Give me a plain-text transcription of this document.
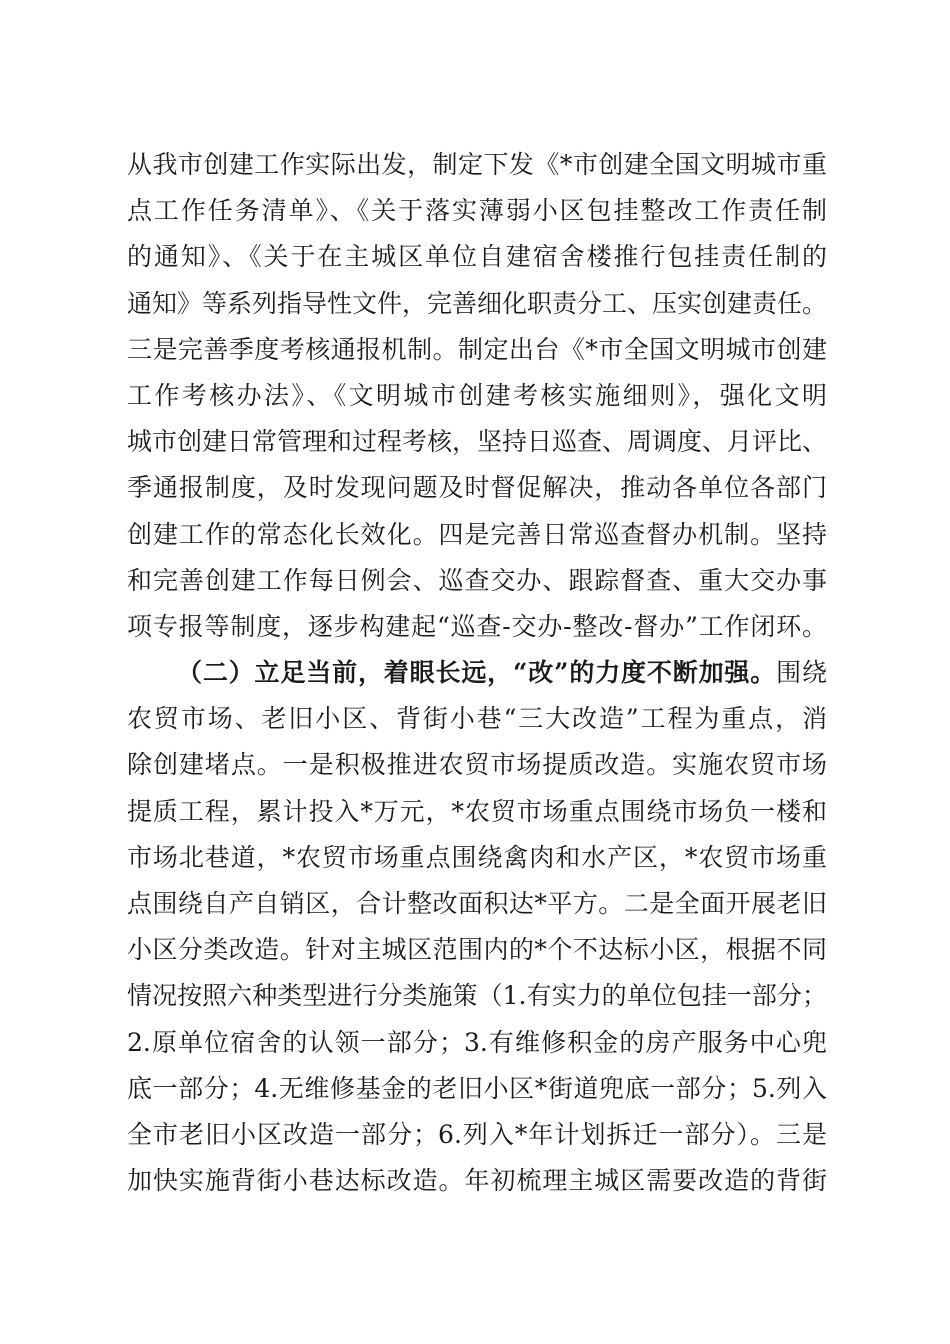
从我市创建工作实际出发，制定下发《*市创建全国文明城市重
点工作任务清单》、《关于落实薄弱小区包挂整改工作责任制
的通知》、《关于在主城区单位自建宿舍楼推行包挂责任制的
通知》等系列指导性文件，完善细化职责分工、压实创建责任。
三是完善季度考核通报机制。制定出台《*市全国文明城市创建
工作考核办法》、《文明城市创建考核实施细则》，强化文明
城市创建日常管理和过程考核，坚持日巡查、周调度、月评比、
季通报制度，及时发现问题及时督促解决，推动各单位各部门
创建工作的常态化长效化。四是完善日常巡查督办机制。坚持
和完善创建工作每日例会、巡查交办、跟踪督查、重大交办事
项专报等制度，逐步构建起“巡查-交办-整改-督办”工作闭环。
（二）立足当前，着眼长远，“改”的力度不断加强。围绕
农贸市场、老旧小区、背街小巷“三大改造”工程为重点，消
除创建堵点。一是积极推进农贸市场提质改造。实施农贸市场
提质工程，累计投入*万元，*农贸市场重点围绕市场负一楼和
市场北巷道，*农贸市场重点围绕禽肉和水产区，*农贸市场重
点围绕自产自销区，合计整改面积达*平方。二是全面开展老旧
小区分类改造。针对主城区范围内的*个不达标小区，根据不同
情况按照六种类型进行分类施策（1.有实力的单位包挂一部分；
2.原单位宿舍的认领一部分；3.有维修积金的房产服务中心兜
底一部分；4.无维修基金的老旧小区*街道兜底一部分；5.列入
全市老旧小区改造一部分；6.列入*年计划拆迁一部分）。三是
加快实施背街小巷达标改造。年初梳理主城区需要改造的背街
